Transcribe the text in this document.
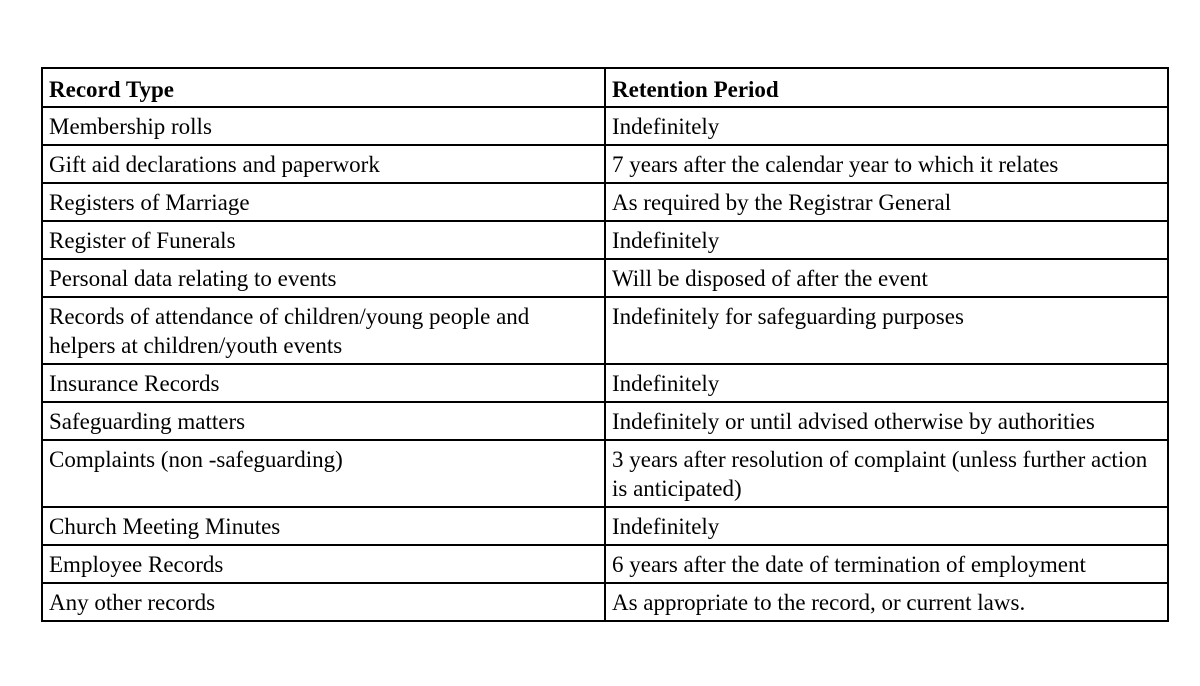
Record Type	Retention Period
Membership rolls	Indefinitely
Gift aid declarations and paperwork	7 years after the calendar year to which it relates
Registers of Marriage	As required by the Registrar General
Register of Funerals	Indefinitely
Personal data relating to events	Will be disposed of after the event
Records of attendance of children/young people and helpers at children/youth events	Indefinitely for safeguarding purposes
Insurance Records	Indefinitely
Safeguarding matters	Indefinitely or until advised otherwise by authorities
Complaints (non -safeguarding)	3 years after resolution of complaint (unless further action is anticipated)
Church Meeting Minutes	Indefinitely
Employee Records	6 years after the date of termination of employment
Any other records	As appropriate to the record, or current laws.
